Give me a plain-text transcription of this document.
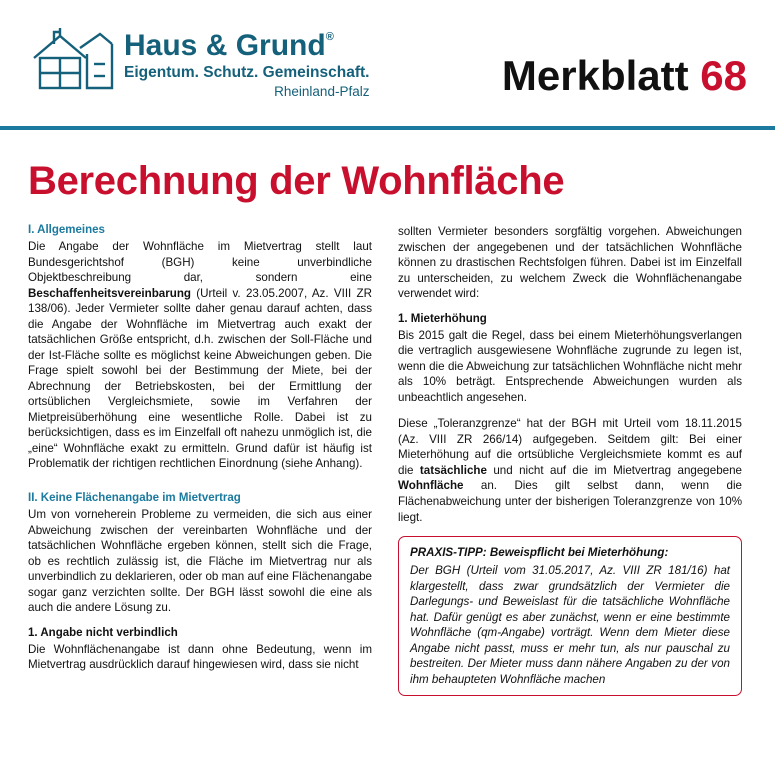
Haus & Grund®
Eigentum. Schutz. Gemeinschaft.
Rheinland-Pfalz	Merkblatt 68
Berechnung der Wohnfläche
I. Allgemeines

Die Angabe der Wohnfläche im Mietvertrag stellt laut Bundesgerichtshof (BGH) keine unverbindliche Objektbeschreibung dar, sondern eine Beschaffenheitsvereinbarung (Urteil v. 23.05.2007, Az. VIII ZR 138/06). Jeder Vermieter sollte daher genau darauf achten, dass die Angabe der Wohnfläche im Mietvertrag auch exakt der tatsächlichen Größe entspricht, d.h. zwischen der Soll-Fläche und der Ist-Fläche sollte es möglichst keine Abweichungen geben. Die Frage spielt sowohl bei der Bestimmung der Miete, bei der Abrechnung der Betriebskosten, bei der Ermittlung der ortsüblichen Vergleichsmiete, sowie im Verfahren der Mietpreisüberhöhung eine wesentliche Rolle. Dabei ist zu berücksichtigen, dass es im Einzelfall oft nahezu unmöglich ist, die „eine“ Wohnfläche exakt zu ermitteln. Grund dafür ist häufig ist Problematik der richtigen rechtlichen Einordnung (siehe Anhang).

II. Keine Flächenangabe im Mietvertrag

Um von vorneherein Probleme zu vermeiden, die sich aus einer Abweichung zwischen der vereinbarten Wohnfläche und der tatsächlichen Wohnfläche ergeben können, stellt sich die Frage, ob es rechtlich zulässig ist, die Fläche im Mietvertrag nur als unverbindlich zu deklarieren, oder ob man auf eine Flächenangabe sogar ganz verzichten sollte. Der BGH lässt sowohl die eine als auch die andere Lösung zu.

1. Angabe nicht verbindlich

Die Wohnflächenangabe ist dann ohne Bedeutung, wenn im Mietvertrag ausdrücklich darauf hingewiesen wird, dass sie nicht

sollten Vermieter besonders sorgfältig vorgehen. Abweichungen zwischen der angegebenen und der tatsächlichen Wohnfläche können zu drastischen Rechtsfolgen führen. Dabei ist im Einzelfall zu unterscheiden, zu welchem Zweck die Wohnflächenangabe verwendet wird:

1. Mieterhöhung

Bis 2015 galt die Regel, dass bei einem Mieterhöhungsverlangen die vertraglich ausgewiesene Wohnfläche zugrunde zu legen ist, wenn die die Abweichung zur tatsächlichen Wohnfläche nicht mehr als 10% beträgt. Entsprechende Abweichungen wurden als unbeachtlich angesehen.

Diese „Toleranzgrenze“ hat der BGH mit Urteil vom 18.11.2015 (Az. VIII ZR 266/14) aufgegeben. Seitdem gilt: Bei einer Mieterhöhung auf die ortsübliche Vergleichsmiete kommt es auf die tatsächliche und nicht auf die im Mietvertrag angegebene Wohnfläche an. Dies gilt selbst dann, wenn die Flächenabweichung unter der bisherigen Toleranzgrenze von 10% liegt.

PRAXIS-TIPP: Beweispflicht bei Mieterhöhung:

Der BGH (Urteil vom 31.05.2017, Az. VIII ZR 181/16) hat klargestellt, dass zwar grundsätzlich der Vermieter die Darlegungs- und Beweislast für die tatsächliche Wohnfläche hat. Dafür genügt es aber zunächst, wenn er eine bestimmte Wohnfläche (qm-Angabe) vorträgt. Wenn dem Mieter diese Angabe nicht passt, muss er mehr tun, als nur pauschal zu bestreiten. Der Mieter muss dann nähere Angaben zu der von ihm behaupteten Wohnfläche machen
